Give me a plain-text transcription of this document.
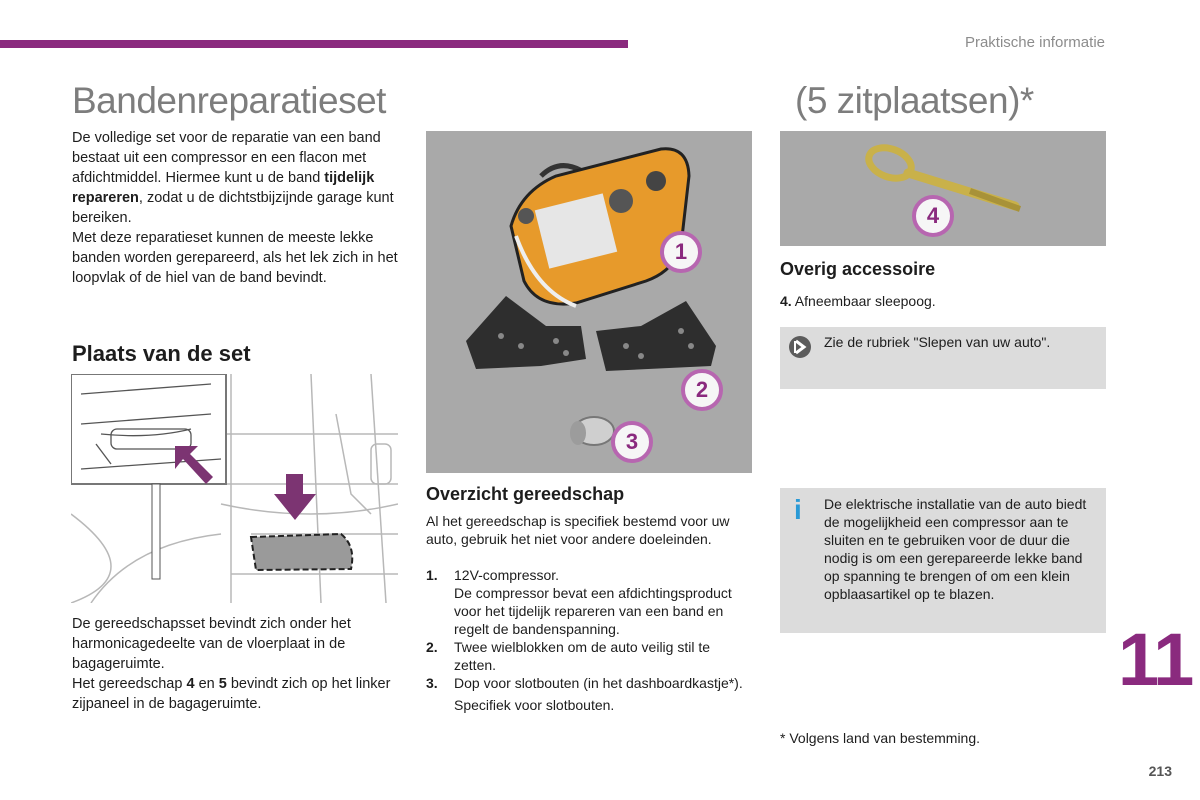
Praktische informatie
Bandenreparatieset	(5 zitplaatsen)*

De volledige set voor de reparatie van een band bestaat uit een compressor en een flacon met afdichtmiddel. Hiermee kunt u de band tijdelijk repareren, zodat u de dichtstbijzijnde garage kunt bereiken.

Met deze reparatieset kunnen de meeste lekke banden worden gerepareerd, als het lek zich in het loopvlak of de hiel van de band bevindt.

Plaats van de set

De gereedschapsset bevindt zich onder het harmonicagedeelte van de vloerplaat in de bagageruimte.

Het gereedschap 4 en 5 bevindt zich op het linker zijpaneel in de bagageruimte.

1
2
3
Overzicht gereedschap
Al het gereedschap is specifiek bestemd voor uw auto, gebruik het niet voor andere doeleinden.
1.	12V-compressor.
De compressor bevat een afdichtingsproduct voor het tijdelijk repareren van een band en regelt de bandenspanning.
2.	Twee wielblokken om de auto veilig stil te zetten.
3.	Dop voor slotbouten (in het dashboardkastje*).
Specifiek voor slotbouten.
4
Overig accessoire
4. Afneembaar sleepoog.
Zie de rubriek "Slepen van uw auto".
i De elektrische installatie van de auto biedt de mogelijkheid een compressor aan te sluiten en te gebruiken voor de duur die nodig is om een gerepareerde lekke band op spanning te brengen of om een klein opblaasartikel op te blazen.
* Volgens land van bestemming.
11
213
